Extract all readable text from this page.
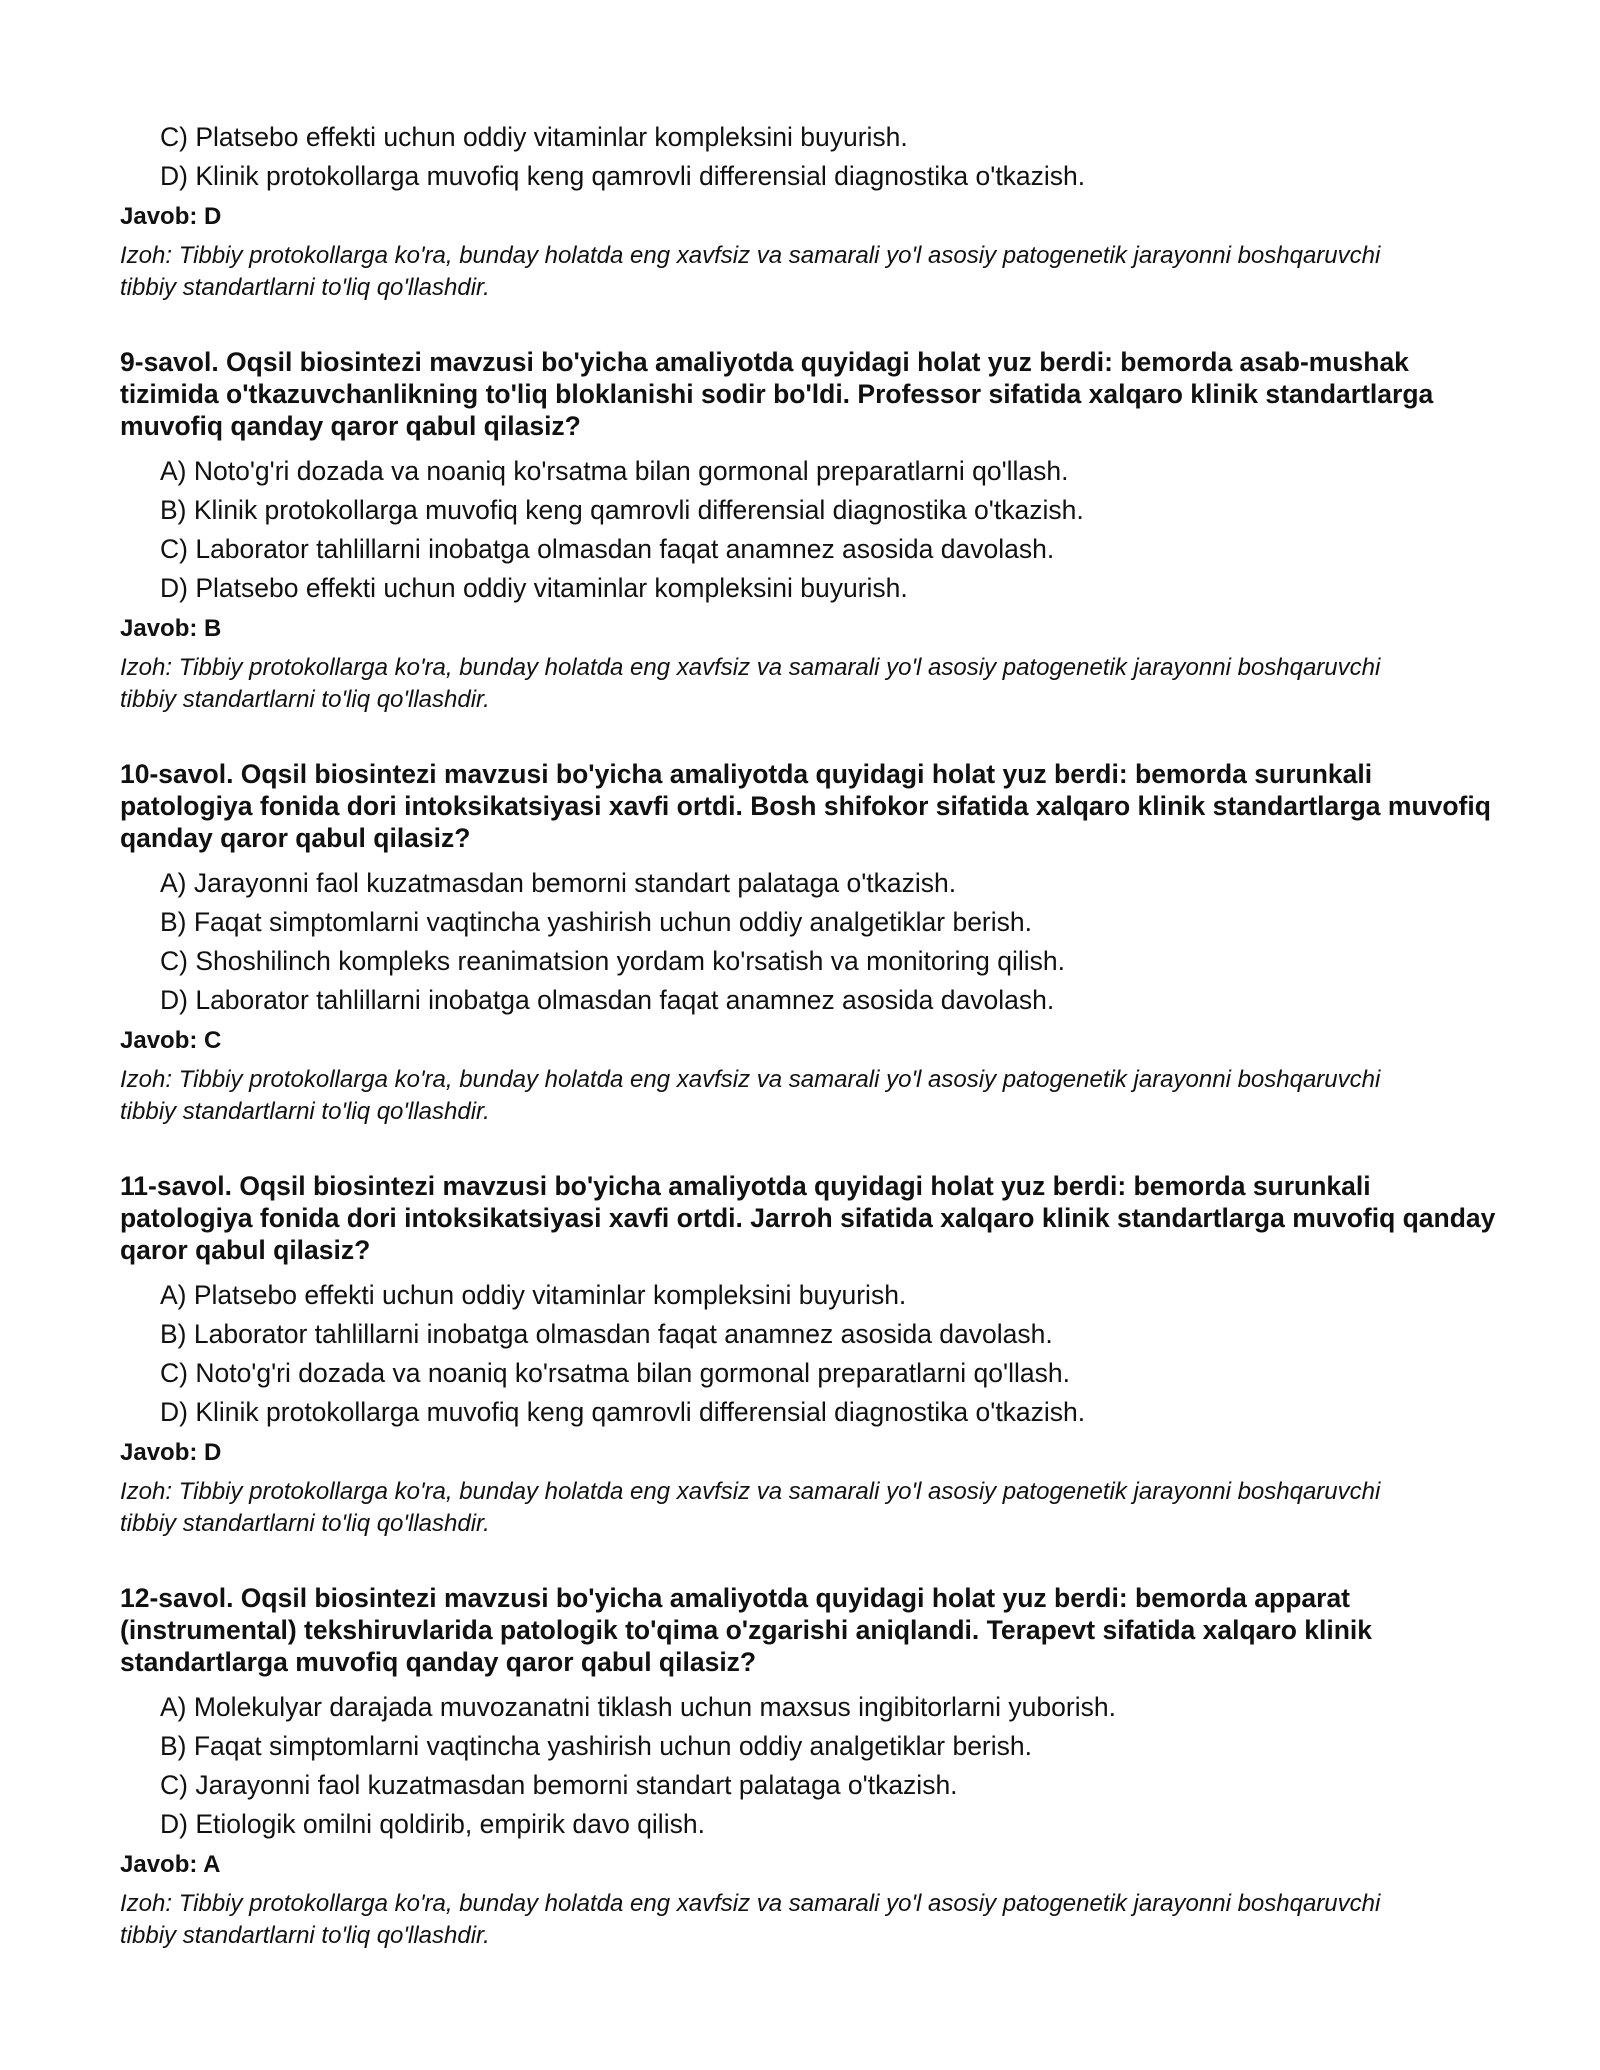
C) Platsebo effekti uchun oddiy vitaminlar kompleksini buyurish.
D) Klinik protokollarga muvofiq keng qamrovli differensial diagnostika o'tkazish.
Javob: D
Izoh: Tibbiy protokollarga ko'ra, bunday holatda eng xavfsiz va samarali yo'l asosiy patogenetik jarayonni boshqaruvchi tibbiy standartlarni to'liq qo'llashdir.
9-savol. Oqsil biosintezi mavzusi bo'yicha amaliyotda quyidagi holat yuz berdi: bemorda asab-mushak tizimida o'tkazuvchanlikning to'liq bloklanishi sodir bo'ldi. Professor sifatida xalqaro klinik standartlarga muvofiq qanday qaror qabul qilasiz?
A) Noto'g'ri dozada va noaniq ko'rsatma bilan gormonal preparatlarni qo'llash.
B) Klinik protokollarga muvofiq keng qamrovli differensial diagnostika o'tkazish.
C) Laborator tahlillarni inobatga olmasdan faqat anamnez asosida davolash.
D) Platsebo effekti uchun oddiy vitaminlar kompleksini buyurish.
Javob: B
Izoh: Tibbiy protokollarga ko'ra, bunday holatda eng xavfsiz va samarali yo'l asosiy patogenetik jarayonni boshqaruvchi tibbiy standartlarni to'liq qo'llashdir.
10-savol. Oqsil biosintezi mavzusi bo'yicha amaliyotda quyidagi holat yuz berdi: bemorda surunkali patologiya fonida dori intoksikatsiyasi xavfi ortdi. Bosh shifokor sifatida xalqaro klinik standartlarga muvofiq qanday qaror qabul qilasiz?
A) Jarayonni faol kuzatmasdan bemorni standart palataga o'tkazish.
B) Faqat simptomlarni vaqtincha yashirish uchun oddiy analgetiklar berish.
C) Shoshilinch kompleks reanimatsion yordam ko'rsatish va monitoring qilish.
D) Laborator tahlillarni inobatga olmasdan faqat anamnez asosida davolash.
Javob: C
Izoh: Tibbiy protokollarga ko'ra, bunday holatda eng xavfsiz va samarali yo'l asosiy patogenetik jarayonni boshqaruvchi tibbiy standartlarni to'liq qo'llashdir.
11-savol. Oqsil biosintezi mavzusi bo'yicha amaliyotda quyidagi holat yuz berdi: bemorda surunkali patologiya fonida dori intoksikatsiyasi xavfi ortdi. Jarroh sifatida xalqaro klinik standartlarga muvofiq qanday qaror qabul qilasiz?
A) Platsebo effekti uchun oddiy vitaminlar kompleksini buyurish.
B) Laborator tahlillarni inobatga olmasdan faqat anamnez asosida davolash.
C) Noto'g'ri dozada va noaniq ko'rsatma bilan gormonal preparatlarni qo'llash.
D) Klinik protokollarga muvofiq keng qamrovli differensial diagnostika o'tkazish.
Javob: D
Izoh: Tibbiy protokollarga ko'ra, bunday holatda eng xavfsiz va samarali yo'l asosiy patogenetik jarayonni boshqaruvchi tibbiy standartlarni to'liq qo'llashdir.
12-savol. Oqsil biosintezi mavzusi bo'yicha amaliyotda quyidagi holat yuz berdi: bemorda apparat (instrumental) tekshiruvlarida patologik to'qima o'zgarishi aniqlandi. Terapevt sifatida xalqaro klinik standartlarga muvofiq qanday qaror qabul qilasiz?
A) Molekulyar darajada muvozanatni tiklash uchun maxsus ingibitorlarni yuborish.
B) Faqat simptomlarni vaqtincha yashirish uchun oddiy analgetiklar berish.
C) Jarayonni faol kuzatmasdan bemorni standart palataga o'tkazish.
D) Etiologik omilni qoldirib, empirik davo qilish.
Javob: A
Izoh: Tibbiy protokollarga ko'ra, bunday holatda eng xavfsiz va samarali yo'l asosiy patogenetik jarayonni boshqaruvchi tibbiy standartlarni to'liq qo'llashdir.
